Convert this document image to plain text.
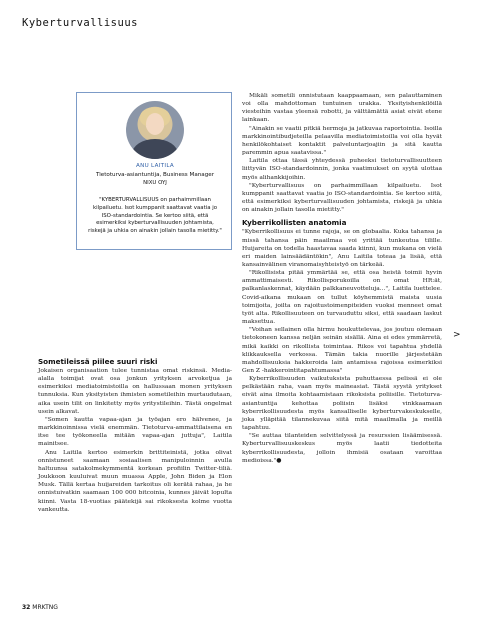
Kyberturvallisuus
ANU LAITILA
Tietoturva-asiantuntija, Business Manager
NIXU OYJ

"KYBERTURVALLISUUS on parhaimmillaan kilpailuetu. Isot kumppanit saattavat vaatia jo ISO-standardointia. Se kertoo siitä, että esimerkiksi kyberturvallisuuden johtamista, riskejä ja uhkia on ainakin jollain tasolla mietitty."

Sometileissä piilee suuri riski

Jokaisen organisaation tulee tunnistaa omat riskinsä. Media-alalla toimijat ovat osa jonkun yrityksen arvoketjua ja esimerkiksi mediatoimistoilla on hallussaan monen yrityksen tunnuksia. Kun yksityisten ihmisten sometileihin murtaudutaan, aika usein tilit on linkitetty myös yritystileihin. Tästä ongelmat usein alkavat.

"Somen kautta vapaa-ajan ja työajan ero hälvenee, ja markkinoinnissa vielä enemmän. Tietoturva-ammattilaisena en itse tee työkoneella mitään vapaa-ajan juttuja", Laitila mainitsee.

Anu Laitila kertoo esimerkin brittiteinistä, jotka olivat onnistuneet saamaan sosiaalisen manipuloinnin avulla haltuunsa satakolmekymmentä korkean profiilin Twitter-tiliä. Joukkoon kuuluivat muun muassa Apple, John Biden ja Elon Musk. Tällä kertaa huijareiden tarkoitus oli kerätä rahaa, ja he onnistuivatkin saamaan 100 000 bitcoinia, kunnes jäivät lopulta kiinni. Vasta 18-vuotias päätekijä sai rikoksesta kolme vuotta vankeutta.

Mikäli sometili onnistutaan kaappaamaan, sen palauttaminen voi olla mahdottoman tuntuinen urakka. Yksityishenkilöillä viesteihin vastaa yleensä robotti, ja välttämättä asiat eivät etene lainkaan.

"Ainakin se vaatii pitkiä hermoja ja jatkuvaa raportointia. Isoilla markkinointibudjeteilla pelaavilla mediatoimistoilla voi olla hyvät henkilökohtaiset kontaktit palveluntarjoajiin ja sitä kautta paremmin apua saatavissa."

Laitila ottaa tässä yhteydessä puheeksi tietoturvallisuutteen liittyvän ISO-standardoinnin, jonka vaatimukset on syytä ulottaa myös alihankkijoihin.

"Kyberturvallisuus on parhaimmillaan kilpailuetu. Isot kumppanit saattavat vaatia jo ISO-standardointia. Se kertoo siitä, että esimerkiksi kyberturvallisuuden johtamista, riskejä ja uhkia on ainakin jollain tasolla mietitty."

Kyberrikollisten anatomia

"Kyberrikollisuus ei tunne rajoja, se on globaalia. Kuka tahansa ja missä tahansa päin maailmaa voi yrittää tunkeutua tilille. Huijareita on todella haastavaa saada kiinni, kun mukana on vielä eri maiden lainsäädäntökin", Anu Laitila toteaa ja lisää, että kansainvälinen viranomaisyhteistyö on tärkeää.

"Rikollisista pitää ymmärtää se, että osa heistä toimii hyvin ammattimaisesti. Rikollisporukoilla on omat HR:ät, palkanlaskennat, käydään palkkaneuvotteluja...", Laitila luettelee. Covid-aikana mukaan on tullut köyhemmistä maista uusia toimijoita, joilta on rajoitustoimenpiteiden vuoksi menneet omat työt alta. Rikollisuuteen on turvauduttu siksi, että saadaan laskut maksettua.

"Voihan sellainen olla hirmu houkuttelevaa, jos joutuu olemaan tietokoneen kanssa neljän seinän sisällä. Aina ei edes ymmärretä, mikä kaikki on rikollista toimintaa. Rikos voi tapahtua yhdellä klikkauksella verkossa. Tämän takia nuorille järjestetään mahdollisuuksia hakkeroida lain antamissa rajoissa esimerkiksi Gen Z -hakkerointitapahtumassa"

Kyberrikollisuuden vaikutuksista puhuttaessa pelissä ei ole pelkästään raha, vaan myös maineasiat. Tästä syystä yritykset eivät aina ilmoita kohtaamistaan rikoksista poliisille. Tietoturva-asiantuntija kehottaa poliisin lisäksi vinkkaamaan kyberrikollisuudesta myös kansalliselle kyberturvakeskukselle, joka ylläpitää tilannekuvaa siitä mitä maailmalla ja meillä tapahtuu.

"Se auttaa tilanteiden selvittelyssä ja resurssien lisäämisessä. Kyberturvallisuuskeskus myös laatii tiedotteita kyberrikollisuudesta, jolloin ihmisiä osataan varoittaa medioissa."●

>
32 MRKTNG
